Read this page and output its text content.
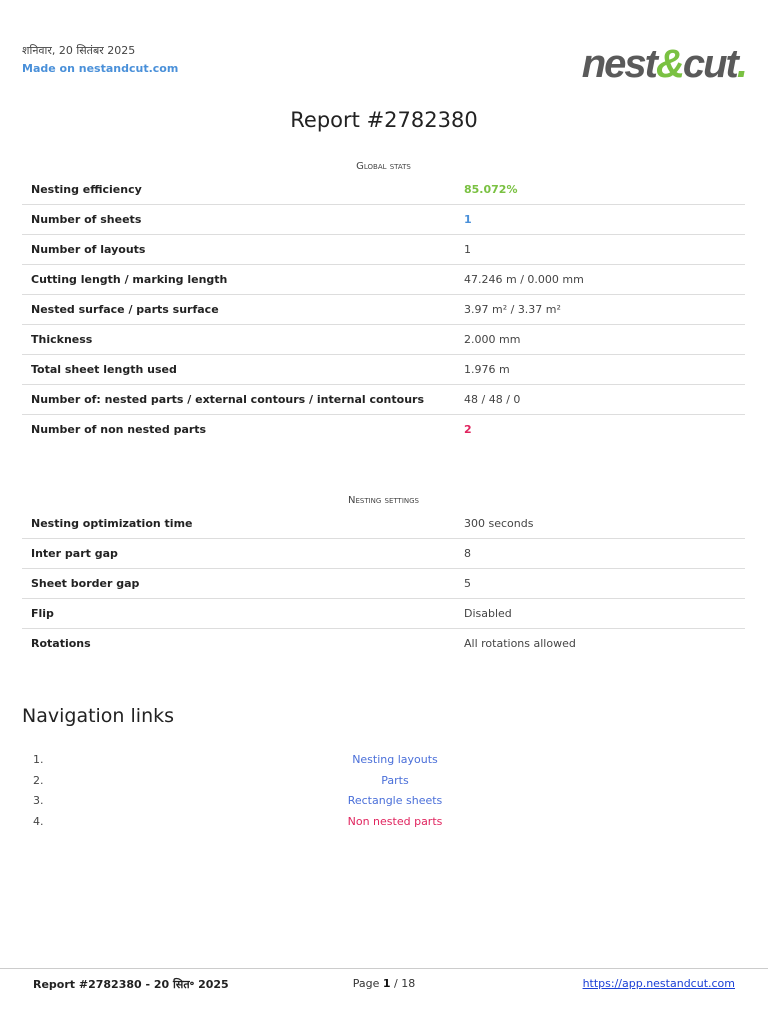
शनिवार, 20 सितंबर 2025
Made on nestandcut.com	nest&cut.
Report #2782380
Global stats
Nesting efficiency	85.072%
Number of sheets	1
Number of layouts	1
Cutting length / marking length	47.246 m / 0.000 mm
Nested surface / parts surface	3.97 m² / 3.37 m²
Thickness	2.000 mm
Total sheet length used	1.976 m
Number of: nested parts / external contours / internal contours	48 / 48 / 0
Number of non nested parts	2
Nesting settings
Nesting optimization time	300 seconds
Inter part gap	8
Sheet border gap	5
Flip	Disabled
Rotations	All rotations allowed
Navigation links
1.	Nesting layouts
2.	Parts
3.	Rectangle sheets
4.	Non nested parts
Report #2782380 - 20 सित॰ 2025	Page 1 / 18	https://app.nestandcut.com
